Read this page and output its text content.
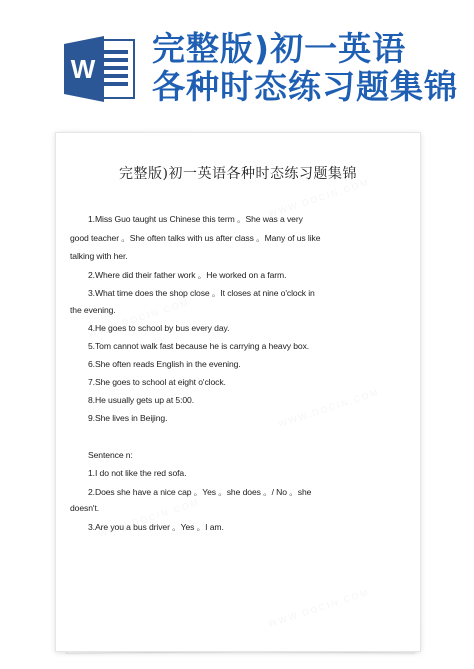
W
完整版)初一英语
各种时态练习题集锦
完整版)初一英语各种时态练习题集锦
1.Miss Guo taught us Chinese this term 。She was a very
good teacher 。She often talks with us after class 。Many of us like
talking with her.
2.Where did their father work 。He worked on a farm.
3.What time does the shop close 。It closes at nine o'clock in
the evening.
4.He goes to school by bus every day.
5.Tom cannot walk fast because he is carrying a heavy box.
6.She often reads English in the evening.
7.She goes to school at eight o'clock.
8.He usually gets up at 5:00.
9.She lives in Beijing.
Sentence n:
1.I do not like the red sofa.
2.Does she have a nice cap 。Yes 。she does 。/ No 。she
doesn't.
3.Are you a bus driver 。Yes 。I am.
